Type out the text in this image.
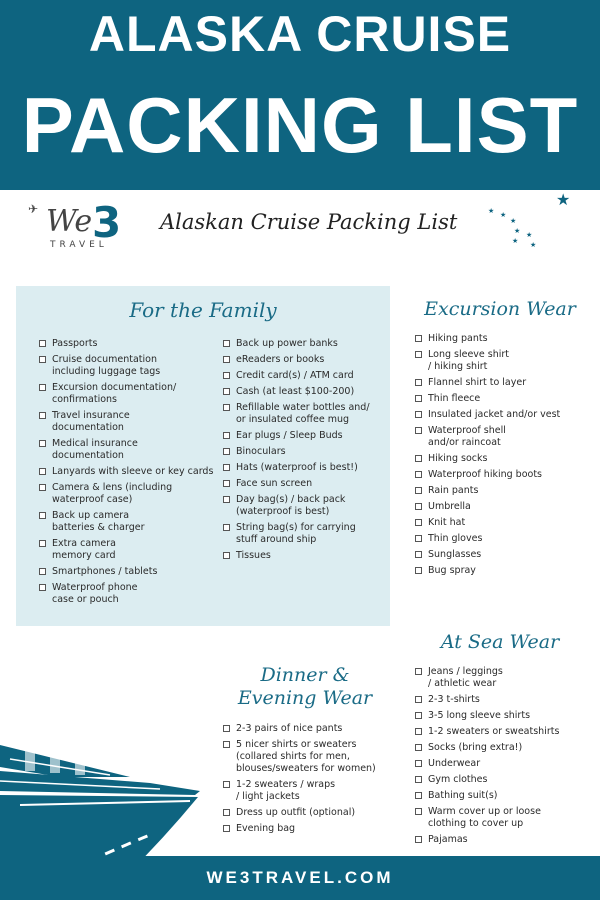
ALASKA CRUISE
PACKING LIST
✈ We 3
TRAVEL
Alaskan Cruise Packing List
★
★ ★
★
★ ★
★ ★
For the Family
Passports
Cruise documentation
including luggage tags
Excursion documentation/
confirmations
Travel insurance
documentation
Medical insurance
documentation
Lanyards with sleeve or key cards
Camera & lens (including
waterproof case)
Back up camera
batteries & charger
Extra camera
memory card
Smartphones / tablets
Waterproof phone
case or pouch
Back up power banks
eReaders or books
Credit card(s) / ATM card
Cash (at least $100-200)
Refillable water bottles and/
or insulated coffee mug
Ear plugs / Sleep Buds
Binoculars
Hats (waterproof is best!)
Face sun screen
Day bag(s) / back pack
(waterproof is best)
String bag(s) for carrying
stuff around ship
Tissues
Excursion Wear
Hiking pants
Long sleeve shirt
/ hiking shirt
Flannel shirt to layer
Thin fleece
Insulated jacket and/or vest
Waterproof shell
and/or raincoat
Hiking socks
Waterproof hiking boots
Rain pants
Umbrella
Knit hat
Thin gloves
Sunglasses
Bug spray
At Sea Wear
Jeans / leggings
/ athletic wear
2-3 t-shirts
3-5 long sleeve shirts
1-2 sweaters or sweatshirts
Socks (bring extra!)
Underwear
Gym clothes
Bathing suit(s)
Warm cover up or loose
clothing to cover up
Pajamas
Dinner &
Evening Wear
2-3 pairs of nice pants
5 nicer shirts or sweaters
(collared shirts for men,
blouses/sweaters for women)
1-2 sweaters / wraps
/ light jackets
Dress up outfit (optional)
Evening bag
WE3TRAVEL.COM
